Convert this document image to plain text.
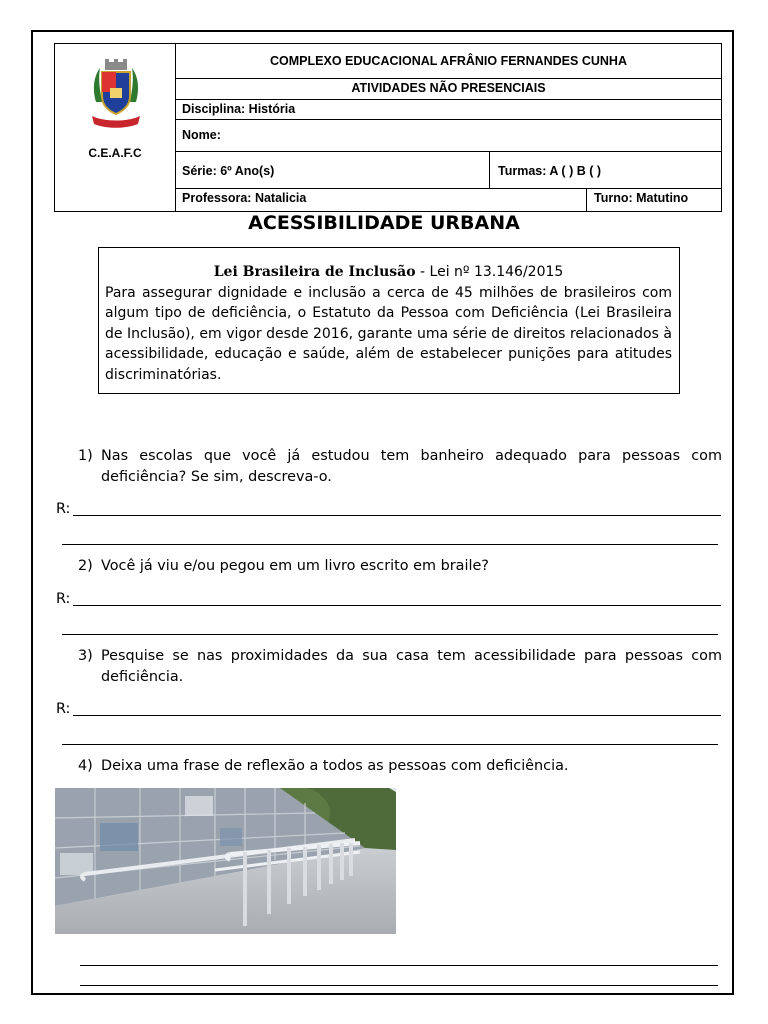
C.E.A.F.C
COMPLEXO EDUCACIONAL AFRÂNIO FERNANDES CUNHA
ATIVIDADES NÃO PRESENCIAIS
Disciplina: História
Nome:
Série: 6º Ano(s)	Turmas: A ( ) B ( )
Professora: Natalicia	Turno: Matutino
ACESSIBILIDADE URBANA
Lei Brasileira de Inclusão - Lei nº 13.146/2015
Para assegurar dignidade e inclusão a cerca de 45 milhões de brasileiros com algum tipo de deficiência, o Estatuto da Pessoa com Deficiência (Lei Brasileira de Inclusão), em vigor desde 2016, garante uma série de direitos relacionados à acessibilidade, educação e saúde, além de estabelecer punições para atitudes discriminatórias.
1) Nas escolas que você já estudou tem banheiro adequado para pessoas com deficiência? Se sim, descreva-o.
R:
2) Você já viu e/ou pegou em um livro escrito em braile?
R:
3) Pesquise se nas proximidades da sua casa tem acessibilidade para pessoas com deficiência.
R:
4) Deixa uma frase de reflexão a todos as pessoas com deficiência.
